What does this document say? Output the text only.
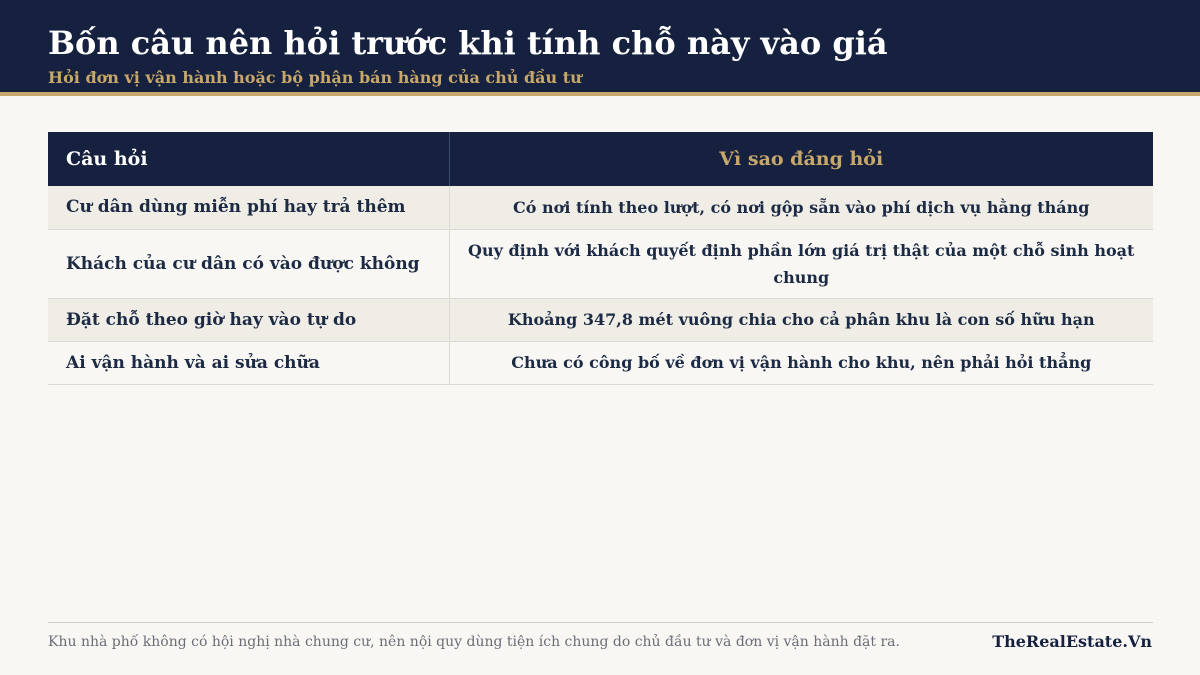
Bốn câu nên hỏi trước khi tính chỗ này vào giá
Hỏi đơn vị vận hành hoặc bộ phận bán hàng của chủ đầu tư
Câu hỏi	Vì sao đáng hỏi
Cư dân dùng miễn phí hay trả thêm	Có nơi tính theo lượt, có nơi gộp sẵn vào phí dịch vụ hằng tháng
Khách của cư dân có vào được không	Quy định với khách quyết định phần lớn giá trị thật của một chỗ sinh hoạt chung
Đặt chỗ theo giờ hay vào tự do	Khoảng 347,8 mét vuông chia cho cả phân khu là con số hữu hạn
Ai vận hành và ai sửa chữa	Chưa có công bố về đơn vị vận hành cho khu, nên phải hỏi thẳng
Khu nhà phố không có hội nghị nhà chung cư, nên nội quy dùng tiện ích chung do chủ đầu tư và đơn vị vận hành đặt ra.	TheRealEstate.Vn
